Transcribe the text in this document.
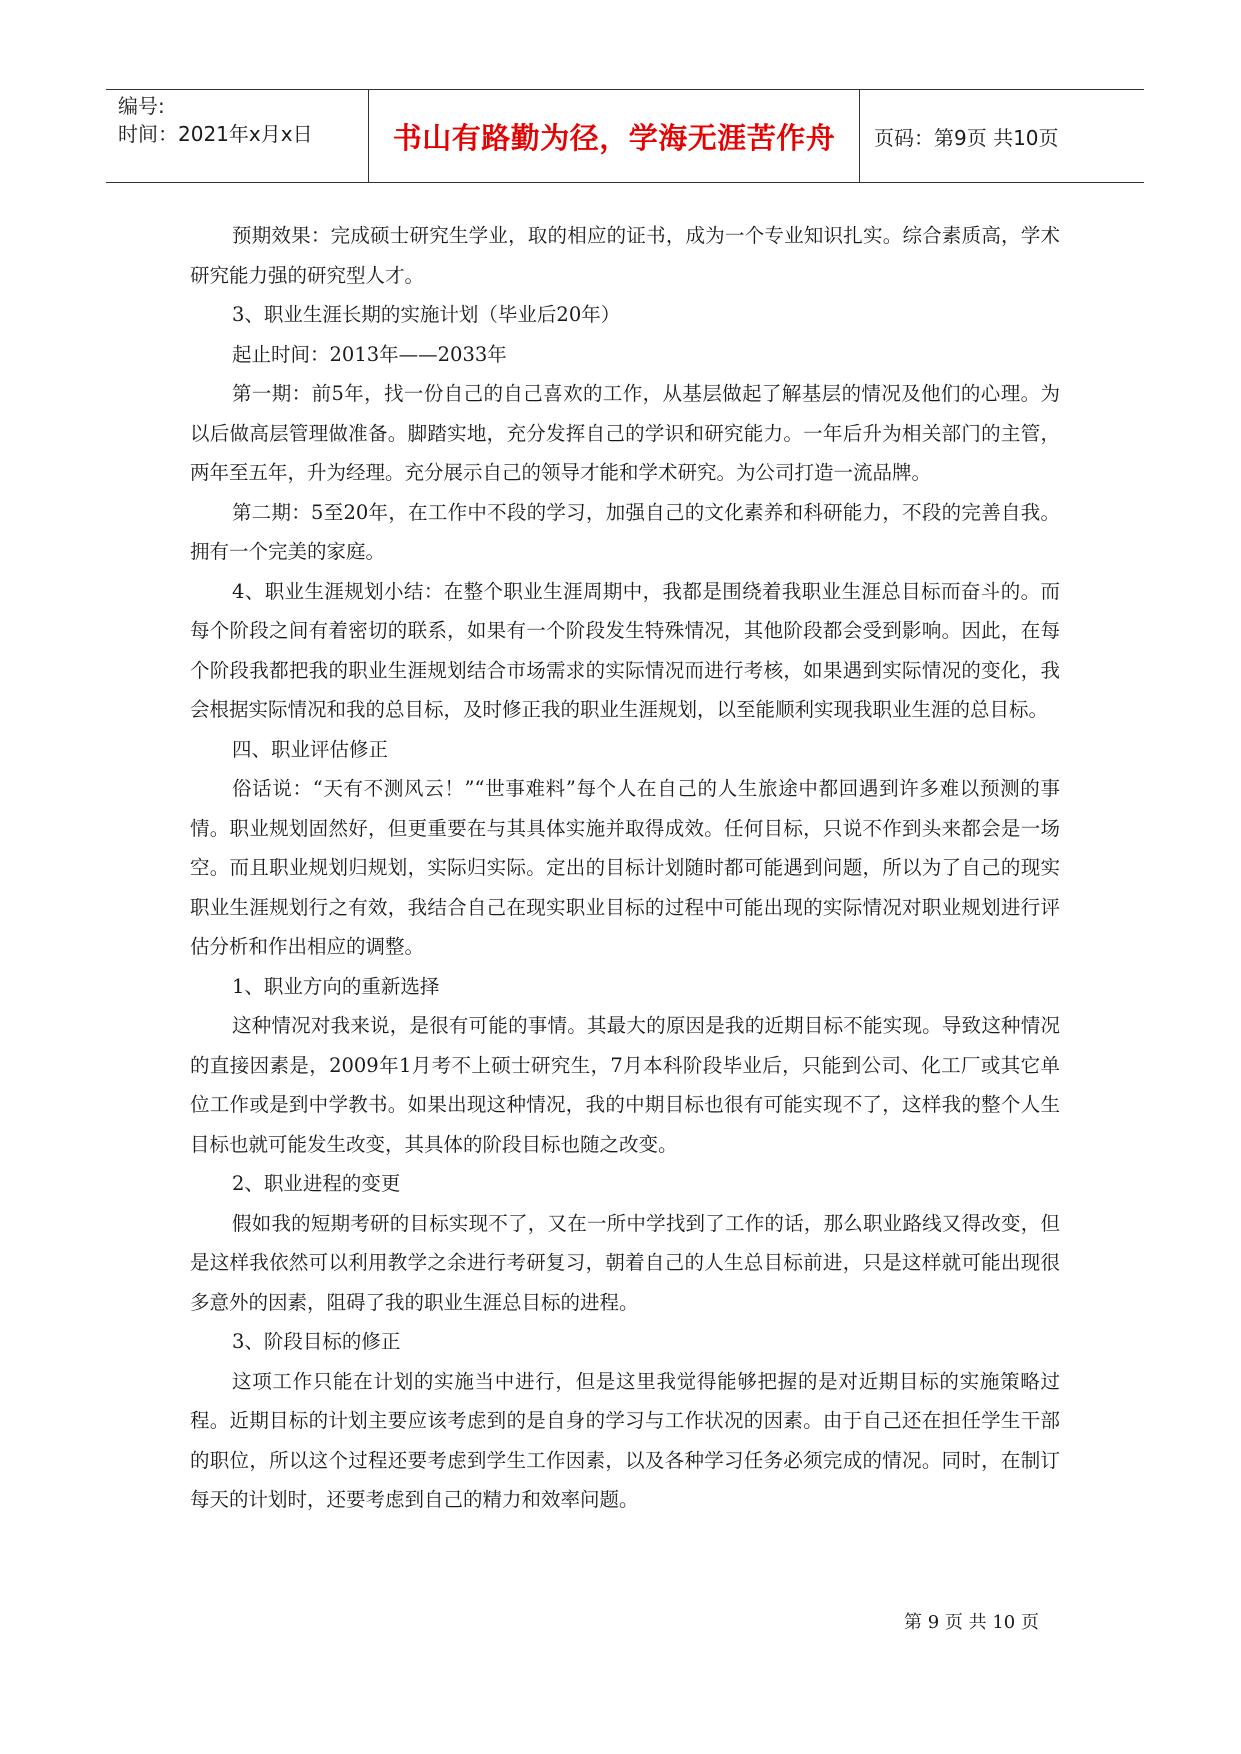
编号:
时间：2021年x月x日	书山有路勤为径，学海无涯苦作舟	页码：第9页 共10页

预期效果：完成硕士研究生学业，取的相应的证书，成为一个专业知识扎实。综合素质高，学术研究能力强的研究型人才。

3、职业生涯长期的实施计划（毕业后20年）

起止时间：2013年——2033年

第一期：前5年，找一份自己的自己喜欢的工作，从基层做起了解基层的情况及他们的心理。为以后做高层管理做准备。脚踏实地，充分发挥自己的学识和研究能力。一年后升为相关部门的主管，两年至五年，升为经理。充分展示自己的领导才能和学术研究。为公司打造一流品牌。

第二期：5至20年，在工作中不段的学习，加强自己的文化素养和科研能力，不段的完善自我。拥有一个完美的家庭。

4、职业生涯规划小结：在整个职业生涯周期中，我都是围绕着我职业生涯总目标而奋斗的。而每个阶段之间有着密切的联系，如果有一个阶段发生特殊情况，其他阶段都会受到影响。因此，在每个阶段我都把我的职业生涯规划结合市场需求的实际情况而进行考核，如果遇到实际情况的变化，我会根据实际情况和我的总目标，及时修正我的职业生涯规划，以至能顺利实现我职业生涯的总目标。

四、职业评估修正

俗话说：“天有不测风云！”“世事难料”每个人在自己的人生旅途中都回遇到许多难以预测的事情。职业规划固然好，但更重要在与其具体实施并取得成效。任何目标，只说不作到头来都会是一场空。而且职业规划归规划，实际归实际。定出的目标计划随时都可能遇到问题，所以为了自己的现实职业生涯规划行之有效，我结合自己在现实职业目标的过程中可能出现的实际情况对职业规划进行评估分析和作出相应的调整。

1、职业方向的重新选择

这种情况对我来说，是很有可能的事情。其最大的原因是我的近期目标不能实现。导致这种情况的直接因素是，2009年1月考不上硕士研究生，7月本科阶段毕业后，只能到公司、化工厂或其它单位工作或是到中学教书。如果出现这种情况，我的中期目标也很有可能实现不了，这样我的整个人生目标也就可能发生改变，其具体的阶段目标也随之改变。

2、职业进程的变更

假如我的短期考研的目标实现不了，又在一所中学找到了工作的话，那么职业路线又得改变，但是这样我依然可以利用教学之余进行考研复习，朝着自己的人生总目标前进，只是这样就可能出现很多意外的因素，阻碍了我的职业生涯总目标的进程。

3、阶段目标的修正

这项工作只能在计划的实施当中进行，但是这里我觉得能够把握的是对近期目标的实施策略过程。近期目标的计划主要应该考虑到的是自身的学习与工作状况的因素。由于自己还在担任学生干部的职位，所以这个过程还要考虑到学生工作因素，以及各种学习任务必须完成的情况。同时，在制订每天的计划时，还要考虑到自己的精力和效率问题。

第 9 页 共 10 页
